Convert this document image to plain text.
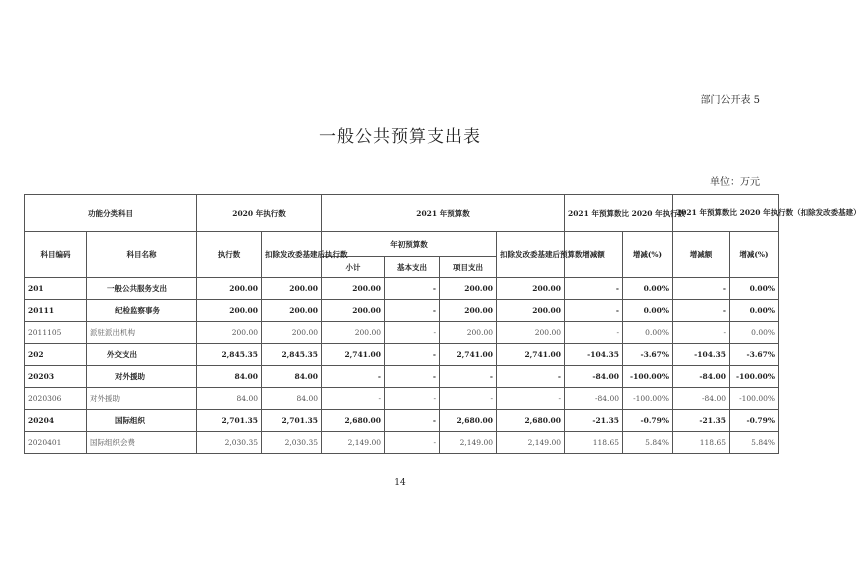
部门公开表 5
一般公共预算支出表
单位：万元
功能分类科目		2020 年执行数		2021 年预算数				2021 年预算数比 2020 年执行数		2021 年预算数比 2020 年执行数（扣除发改委基建）	
科目编码	科目名称	执行数	扣除发改委基建后执行数	年初预算数			扣除发改委基建后预算数	增减额	增减(%)	增减额	增减(%)
				小计	基本支出	项目支出					
201	一般公共服务支出	200.00	200.00	200.00	-	200.00	200.00	-	0.00%	-	0.00%
20111	纪检监察事务	200.00	200.00	200.00	-	200.00	200.00	-	0.00%	-	0.00%
2011105	派驻派出机构	200.00	200.00	200.00	-	200.00	200.00	-	0.00%	-	0.00%
202	外交支出	2,845.35	2,845.35	2,741.00	-	2,741.00	2,741.00	-104.35	-3.67%	-104.35	-3.67%
20203	对外援助	84.00	84.00	-	-	-	-	-84.00	-100.00%	-84.00	-100.00%
2020306	对外援助	84.00	84.00	-	-	-	-	-84.00	-100.00%	-84.00	-100.00%
20204	国际组织	2,701.35	2,701.35	2,680.00	-	2,680.00	2,680.00	-21.35	-0.79%	-21.35	-0.79%
2020401	国际组织会费	2,030.35	2,030.35	2,149.00	-	2,149.00	2,149.00	118.65	5.84%	118.65	5.84%
14
